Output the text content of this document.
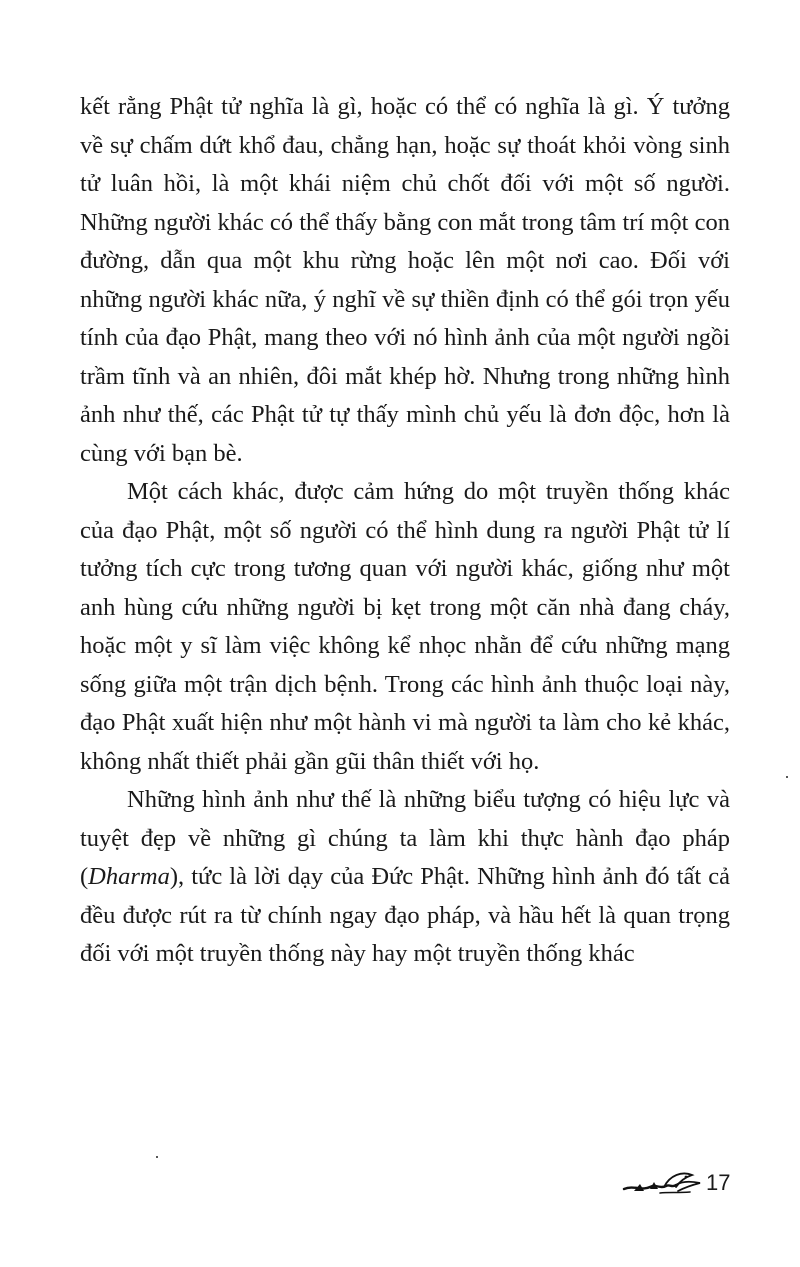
kết rằng Phật tử nghĩa là gì, hoặc có thể có nghĩa là gì. Ý tưởng về sự chấm dứt khổ đau, chẳng hạn, hoặc sự thoát khỏi vòng sinh tử luân hồi, là một khái niệm chủ chốt đối với một số người. Những người khác có thể thấy bằng con mắt trong tâm trí một con đường, dẫn qua một khu rừng hoặc lên một nơi cao. Đối với những người khác nữa, ý nghĩ về sự thiền định có thể gói trọn yếu tính của đạo Phật, mang theo với nó hình ảnh của một người ngồi trầm tĩnh và an nhiên, đôi mắt khép hờ. Nhưng trong những hình ảnh như thế, các Phật tử tự thấy mình chủ yếu là đơn độc, hơn là cùng với bạn bè.

Một cách khác, được cảm hứng do một truyền thống khác của đạo Phật, một số người có thể hình dung ra người Phật tử lí tưởng tích cực trong tương quan với người khác, giống như một anh hùng cứu những người bị kẹt trong một căn nhà đang cháy, hoặc một y sĩ làm việc không kể nhọc nhằn để cứu những mạng sống giữa một trận dịch bệnh. Trong các hình ảnh thuộc loại này, đạo Phật xuất hiện như một hành vi mà người ta làm cho kẻ khác, không nhất thiết phải gần gũi thân thiết với họ.

Những hình ảnh như thế là những biểu tượng có hiệu lực và tuyệt đẹp về những gì chúng ta làm khi thực hành đạo pháp (Dharma), tức là lời dạy của Đức Phật. Những hình ảnh đó tất cả đều được rút ra từ chính ngay đạo pháp, và hầu hết là quan trọng đối với một truyền thống này hay một truyền thống khác

17
